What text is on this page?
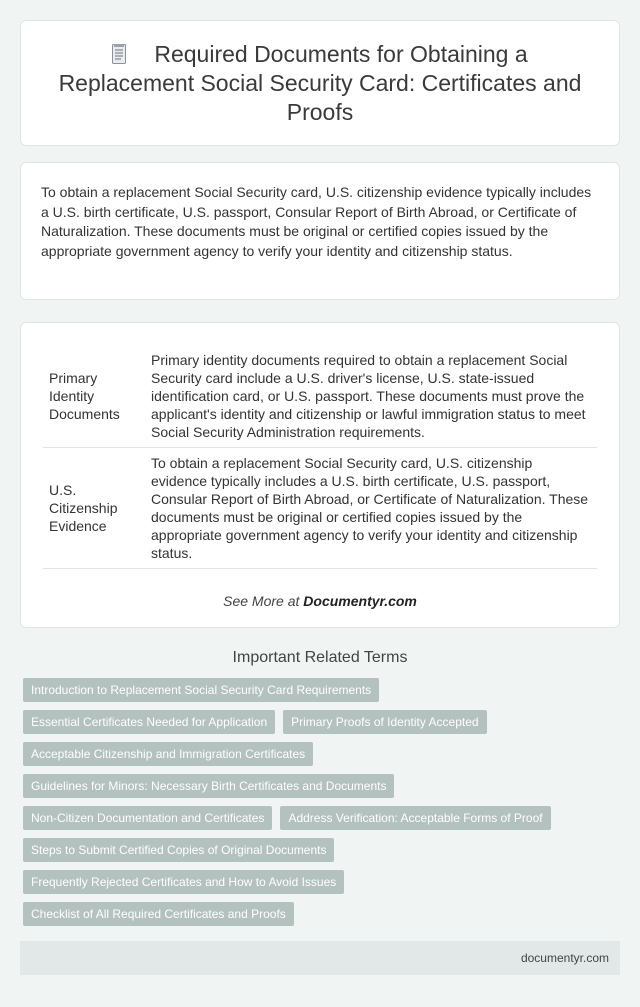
Required Documents for Obtaining a Replacement Social Security Card: Certificates and Proofs

To obtain a replacement Social Security card, U.S. citizenship evidence typically includes a U.S. birth certificate, U.S. passport, Consular Report of Birth Abroad, or Certificate of Naturalization. These documents must be original or certified copies issued by the appropriate government agency to verify your identity and citizenship status.

Primary Identity Documents	Primary identity documents required to obtain a replacement Social Security card include a U.S. driver's license, U.S. state-issued identification card, or U.S. passport. These documents must prove the applicant's identity and citizenship or lawful immigration status to meet Social Security Administration requirements.
U.S. Citizenship Evidence	To obtain a replacement Social Security card, U.S. citizenship evidence typically includes a U.S. birth certificate, U.S. passport, Consular Report of Birth Abroad, or Certificate of Naturalization. These documents must be original or certified copies issued by the appropriate government agency to verify your identity and citizenship status.
See More at Documentyr.com
Important Related Terms
Introduction to Replacement Social Security Card Requirements
Essential Certificates Needed for Application	Primary Proofs of Identity Accepted
Acceptable Citizenship and Immigration Certificates
Guidelines for Minors: Necessary Birth Certificates and Documents
Non-Citizen Documentation and Certificates	Address Verification: Acceptable Forms of Proof
Steps to Submit Certified Copies of Original Documents
Frequently Rejected Certificates and How to Avoid Issues
Checklist of All Required Certificates and Proofs
documentyr.com
